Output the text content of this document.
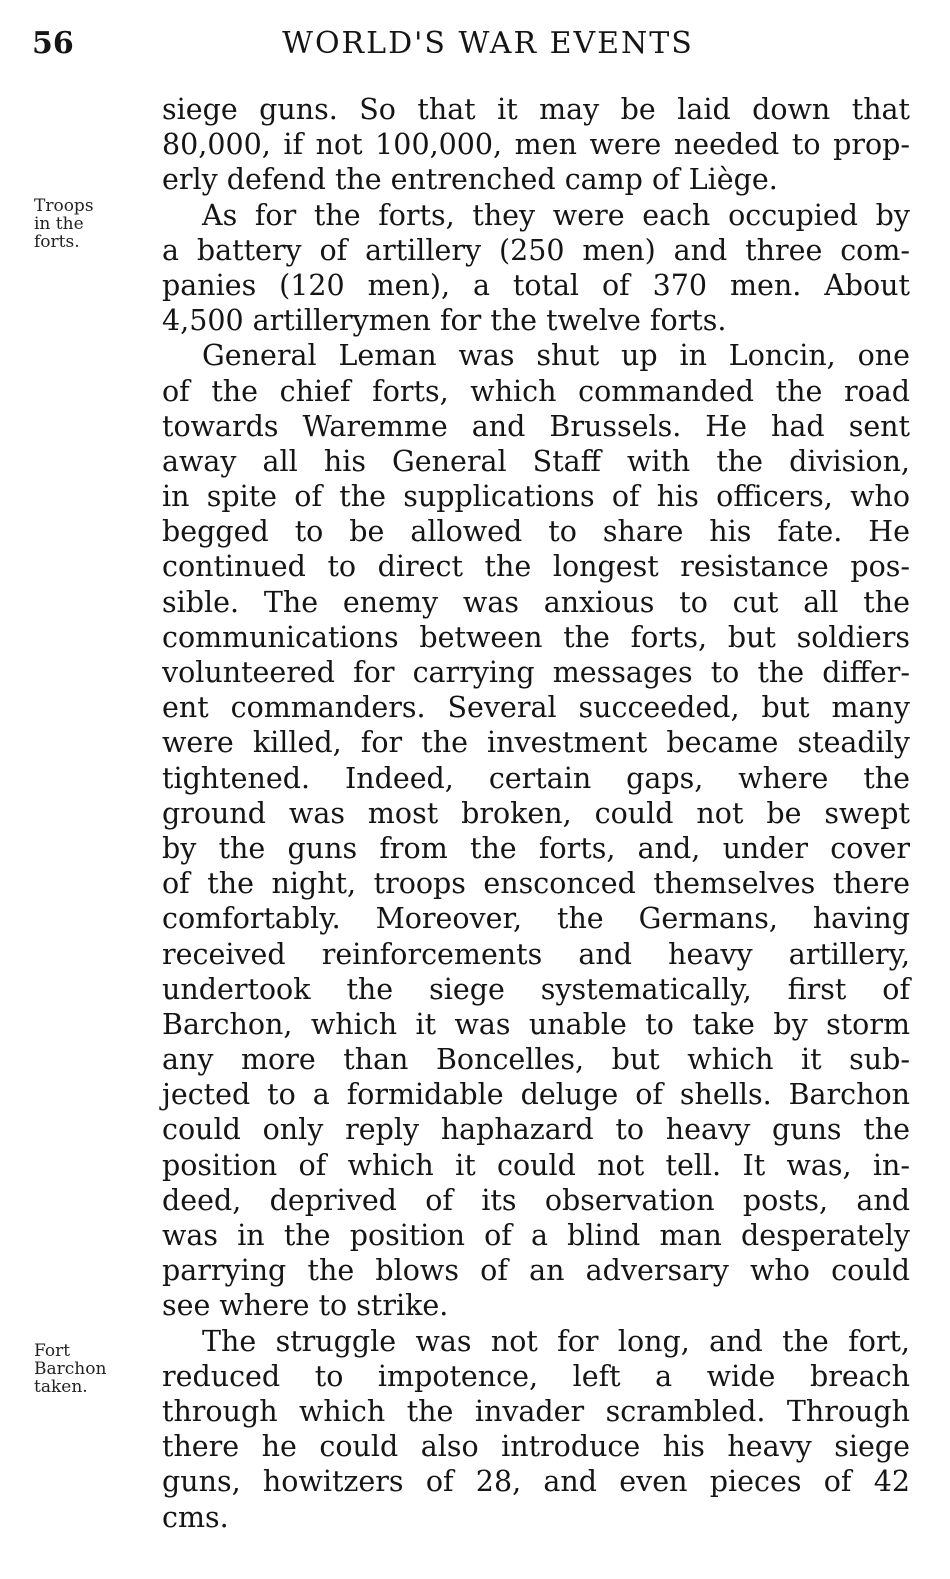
56	WORLD'S WAR EVENTS
Troops
in the
forts.
Fort
Barchon
taken.
siege guns. So that it may be laid down that
80,000, if not 100,000, men were needed to prop-
erly defend the entrenched camp of Liège.
As for the forts, they were each occupied by
a battery of artillery (250 men) and three com-
panies (120 men), a total of 370 men. About
4,500 artillerymen for the twelve forts.
General Leman was shut up in Loncin, one
of the chief forts, which commanded the road
towards Waremme and Brussels. He had sent
away all his General Staff with the division,
in spite of the supplications of his officers, who
begged to be allowed to share his fate. He
continued to direct the longest resistance pos-
sible. The enemy was anxious to cut all the
communications between the forts, but soldiers
volunteered for carrying messages to the differ-
ent commanders. Several succeeded, but many
were killed, for the investment became steadily
tightened. Indeed, certain gaps, where the
ground was most broken, could not be swept
by the guns from the forts, and, under cover
of the night, troops ensconced themselves there
comfortably. Moreover, the Germans, having
received reinforcements and heavy artillery,
undertook the siege systematically, first of
Barchon, which it was unable to take by storm
any more than Boncelles, but which it sub-
jected to a formidable deluge of shells. Barchon
could only reply haphazard to heavy guns the
position of which it could not tell. It was, in-
deed, deprived of its observation posts, and
was in the position of a blind man desperately
parrying the blows of an adversary who could
see where to strike.
The struggle was not for long, and the fort,
reduced to impotence, left a wide breach
through which the invader scrambled. Through
there he could also introduce his heavy siege
guns, howitzers of 28, and even pieces of 42
cms.
